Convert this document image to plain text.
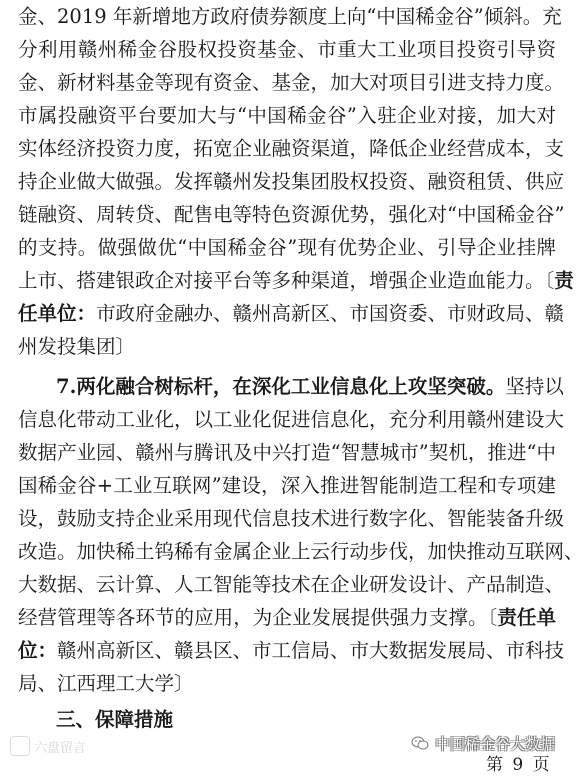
金、2019 年新增地方政府债券额度上向“中国稀金谷”倾斜。充
分利用赣州稀金谷股权投资基金、市重大工业项目投资引导资
金、新材料基金等现有资金、基金，加大对项目引进支持力度。
市属投融资平台要加大与“中国稀金谷”入驻企业对接，加大对
实体经济投资力度，拓宽企业融资渠道，降低企业经营成本，支
持企业做大做强。发挥赣州发投集团股权投资、融资租赁、供应
链融资、周转贷、配售电等特色资源优势，强化对“中国稀金谷”
的支持。做强做优“中国稀金谷”现有优势企业、引导企业挂牌
上市、搭建银政企对接平台等多种渠道，增强企业造血能力。〔责
任单位：市政府金融办、赣州高新区、市国资委、市财政局、赣
州发投集团〕
7.两化融合树标杆，在深化工业信息化上攻坚突破。坚持以
信息化带动工业化，以工业化促进信息化，充分利用赣州建设大
数据产业园、赣州与腾讯及中兴打造“智慧城市”契机，推进“中
国稀金谷+工业互联网”建设，深入推进智能制造工程和专项建
设，鼓励支持企业采用现代信息技术进行数字化、智能装备升级
改造。加快稀土钨稀有金属企业上云行动步伐，加快推动互联网、
大数据、云计算、人工智能等技术在企业研发设计、产品制造、
经营管理等各环节的应用，为企业发展提供强力支撑。〔责任单
位：赣州高新区、赣县区、市工信局、市大数据发展局、市科技
局、江西理工大学〕
三、保障措施
六盘留言	中国稀金谷大数据
第 9 页
